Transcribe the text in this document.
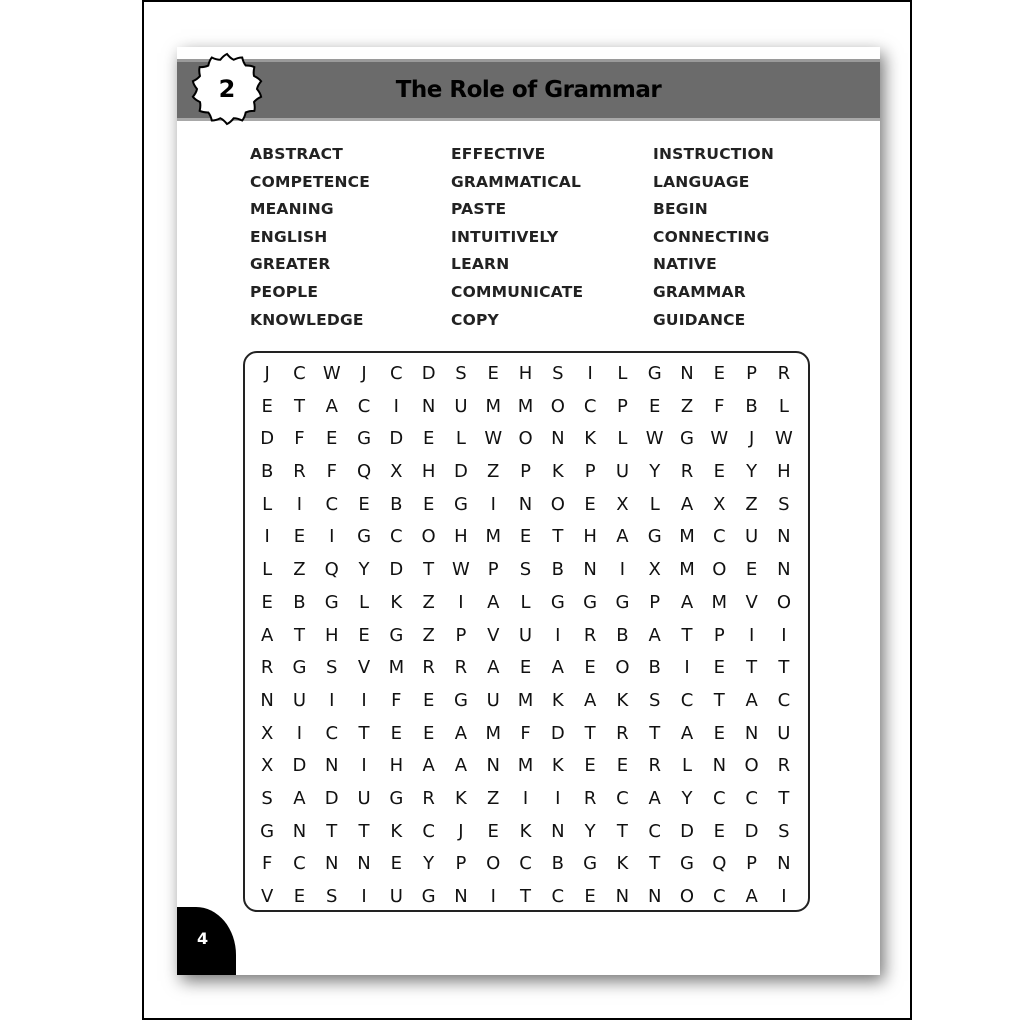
The Role of Grammar
2
ABSTRACT
COMPETENCE
MEANING
ENGLISH
GREATER
PEOPLE
KNOWLEDGE
EFFECTIVE
GRAMMATICAL
PASTE
INTUITIVELY
LEARN
COMMUNICATE
COPY
INSTRUCTION
LANGUAGE
BEGIN
CONNECTING
NATIVE
GRAMMAR
GUIDANCE
J	C W	J	C	D	S	E	H	S	I	L	G	N	E	P	R
E	T	A	C	I	N	U M M O	C	P	E	Z	F	B	L
D	F	E	G	D	E	L	W O	N	K	L	W G W	J	W
B	R	F	Q	X	H	D	Z	P	K	P	U	Y	R	E	Y	H
L	I	C	E	B	E	G	I	N	O	E	X	L	A	X	Z	S
I	E	I	G	C	O	H M	E	T	H	A	G M	C	U	N
L	Z	Q	Y	D	T W P	S	B	N	I	X	M O	E	N
E	B	G	L	K	Z	I	A	L	G	G	G	P	A	M	V	O
A	T	H	E	G	Z	P	V	U	I	R	B	A	T	P	I	I
R	G	S	V	M	R	R	A	E	A	E	O	B	I	E	T	T
N	U	I	I	F	E	G	U M	K	A	K	S	C	T	A	C
X	I	C	T	E	E	A	M	F	D	T	R	T	A	E	N	U
X	D	N	I	H	A	A	N M	K	E	E	R	L	N	O	R
S	A	D	U	G	R	K	Z	I	I	R	C	A	Y	C	C	T
G	N	T	T	K	C	J	E	K	N	Y	T	C	D	E	D	S
F	C	N	N	E	Y	P	O	C	B	G	K	T	G	Q	P	N
V	E	S	I	U	G	N	I	T	C	E	N	N	O	C	A	I
4
